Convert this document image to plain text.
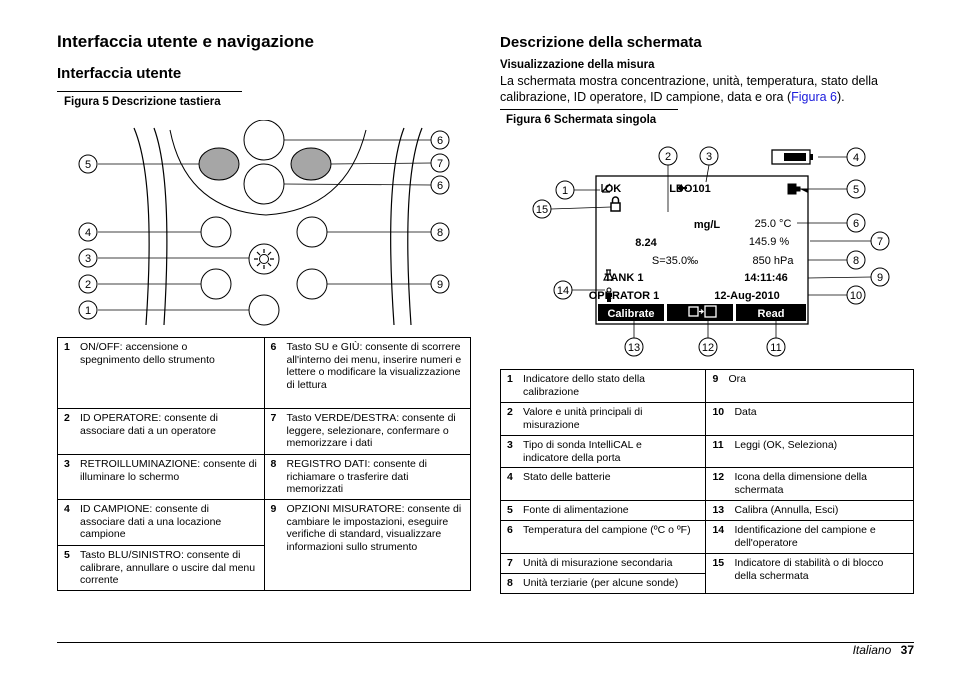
Interfaccia utente e navigazione
Interfaccia utente
Figura 5 Descrizione tastiera
5
6
7
6
4	8
3
2	9
1
1 ON/OFF: accensione o spegnimento dello strumento	6 Tasto SU e GIÙ: consente di scorrere all'interno dei menu, inserire numeri e lettere o modificare la visualizzazione di lettura
2 ID OPERATORE: consente di associare dati a un operatore	7 Tasto VERDE/DESTRA: consente di leggere, selezionare, confermare o memorizzare i dati
3 RETROILLUMINAZIONE: consente di illuminare lo schermo	8 REGISTRO DATI: consente di richiamare o trasferire dati memorizzati
4 ID CAMPIONE: consente di associare dati a una locazione campione	9 OPZIONI MISURATORE: consente di cambiare le impostazioni, eseguire verifiche di standard, visualizzare informazioni sullo strumento
5 Tasto BLU/SINISTRO: consente di calibrare, annullare o uscire dal menu corrente	
Descrizione della schermata
Visualizzazione della misura
La schermata mostra concentrazione, unità, temperatura, stato della calibrazione, ID operatore, ID campione, data e ora (Figura 6).
Figura 6 Schermata singola
OK	LDO101
8.24
mg/L
S=35.0‰
25.0 °C
145.9 %
850 hPa
TANK 1	14:11:46
OPERATOR 1	12-Aug-2010
Calibrate	Read
2	3	4
1	5
15
6
7
8
9
14	10
13	12	11
1 Indicatore dello stato della calibrazione	9 Ora
2 Valore e unità principali di misurazione	10 Data
3 Tipo di sonda IntelliCAL e indicatore della porta	11 Leggi (OK, Seleziona)
4 Stato delle batterie	12 Icona della dimensione della schermata
5 Fonte di alimentazione	13 Calibra (Annulla, Esci)
6 Temperatura del campione (ºC o ºF)	14 Identificazione del campione e dell'operatore
7 Unità di misurazione secondaria	15 Indicatore di stabilità o di blocco della schermata
8 Unità terziarie (per alcune sonde)	
Italiano 37
